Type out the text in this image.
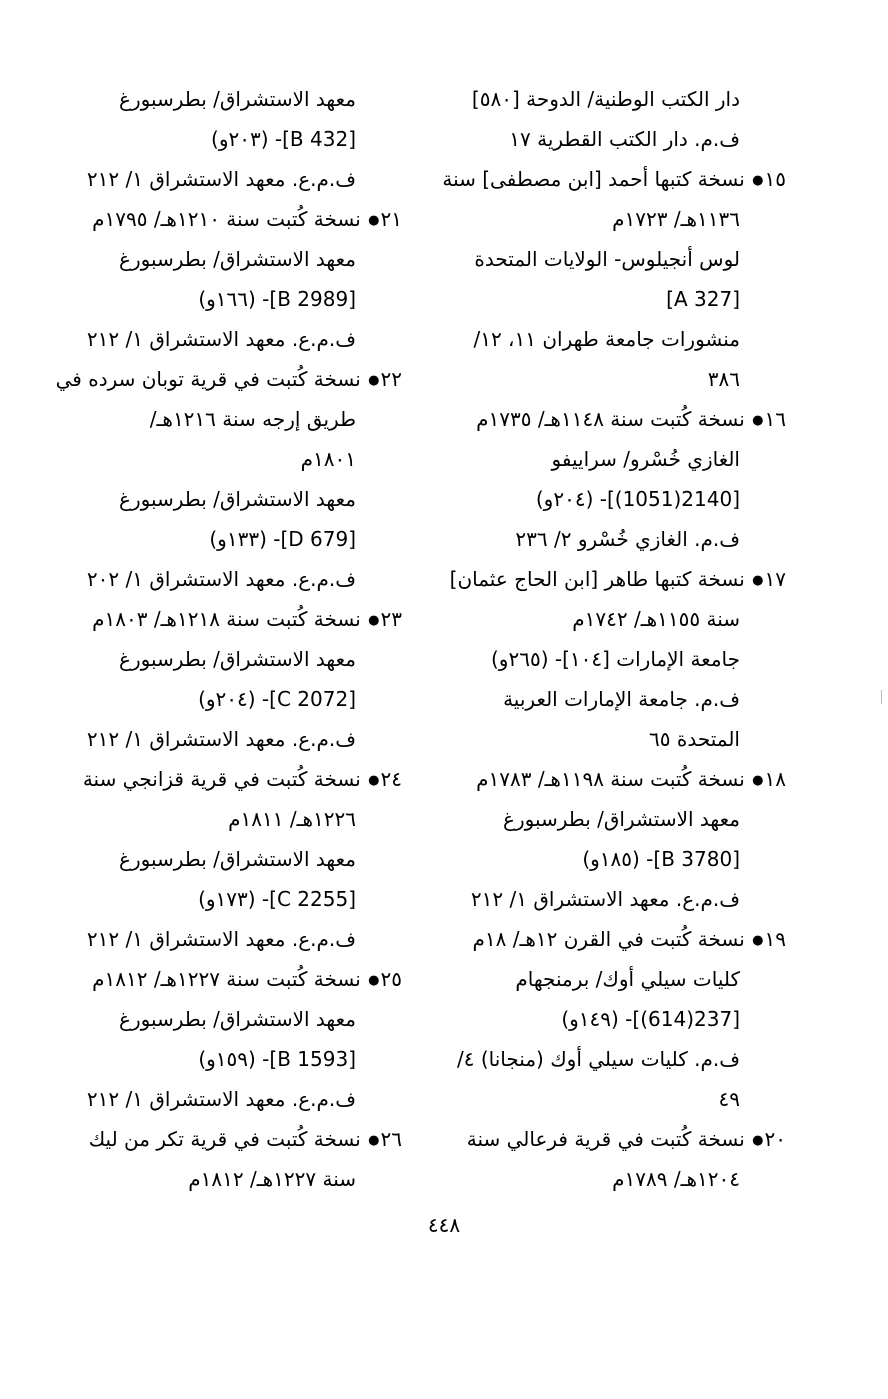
دار الكتب الوطنية/ الدوحة [٥٨٠]
ف.م. دار الكتب القطرية ١٧
١٥● نسخة كتبها أحمد [ابن مصطفى] سنة
١١٣٦هـ/ ١٧٢٣م
لوس أنجيلوس- الولايات المتحدة
[A 327]
منشورات جامعة طهران ١١، ١٢/
٣٨٦
١٦● نسخة كُتبت سنة ١١٤٨هـ/ ١٧٣٥م
الغازي خُسْرو/ سراييفو
[2140(1051)]- (٢٠٤و)
ف.م. الغازي خُسْرو ٢/ ٢٣٦
١٧● نسخة كتبها طاهر [ابن الحاج عثمان]
سنة ١١٥٥هـ/ ١٧٤٢م
جامعة الإمارات [١٠٤]- (٢٦٥و)
ف.م. جامعة الإمارات العربية
المتحدة ٦٥
١٨● نسخة كُتبت سنة ١١٩٨هـ/ ١٧٨٣م
معهد الاستشراق/ بطرسبورغ
[B 3780]- (١٨٥و)
ف.م.ع. معهد الاستشراق ١/ ٢١٢
١٩● نسخة كُتبت في القرن ١٢هـ/ ١٨م
كليات سيلي أوك/ برمنجهام
[237(614)]- (١٤٩و)
ف.م. كليات سيلي أوك (منجانا) ٤/
٤٩
٢٠● نسخة كُتبت في قرية فرعالي سنة
١٢٠٤هـ/ ١٧٨٩م
معهد الاستشراق/ بطرسبورغ
[B 432]- (٢٠٣و)
ف.م.ع. معهد الاستشراق ١/ ٢١٢
٢١● نسخة كُتبت سنة ١٢١٠هـ/ ١٧٩٥م
معهد الاستشراق/ بطرسبورغ
[B 2989]- (١٦٦و)
ف.م.ع. معهد الاستشراق ١/ ٢١٢
٢٢● نسخة كُتبت في قرية توبان سرده في
طريق إرجه سنة ١٢١٦هـ/
١٨٠١م
معهد الاستشراق/ بطرسبورغ
[D 679]- (١٣٣و)
ف.م.ع. معهد الاستشراق ١/ ٢٠٢
٢٣● نسخة كُتبت سنة ١٢١٨هـ/ ١٨٠٣م
معهد الاستشراق/ بطرسبورغ
[C 2072]- (٢٠٤و)
ف.م.ع. معهد الاستشراق ١/ ٢١٢
٢٤● نسخة كُتبت في قرية قزانجي سنة
١٢٢٦هـ/ ١٨١١م
معهد الاستشراق/ بطرسبورغ
[C 2255]- (١٧٣و)
ف.م.ع. معهد الاستشراق ١/ ٢١٢
٢٥● نسخة كُتبت سنة ١٢٢٧هـ/ ١٨١٢م
معهد الاستشراق/ بطرسبورغ
[B 1593]- (١٥٩و)
ف.م.ع. معهد الاستشراق ١/ ٢١٢
٢٦● نسخة كُتبت في قرية تكر من ليك
سنة ١٢٢٧هـ/ ١٨١٢م
٤٤٨
